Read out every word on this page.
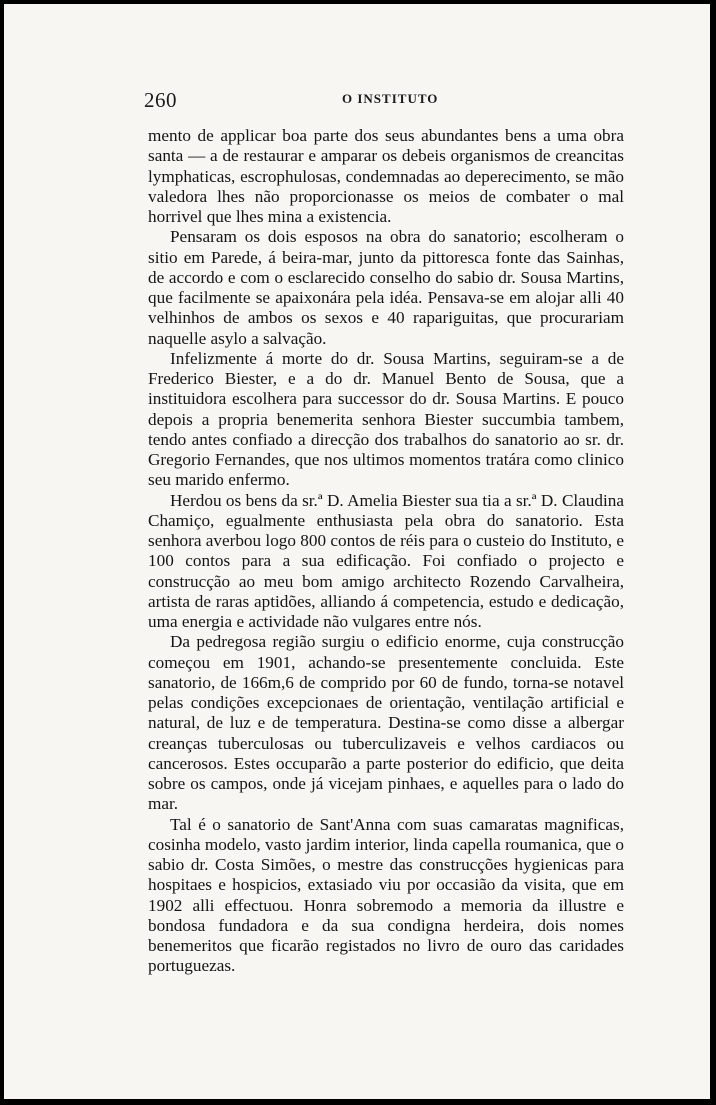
260	O INSTITUTO

mento de applicar boa parte dos seus abundantes bens a uma obra santa — a de restaurar e amparar os debeis organismos de creancitas lymphaticas, escrophulosas, condemnadas ao deperecimento, se mão valedora lhes não proporcionasse os meios de combater o mal horrivel que lhes mina a existencia.

Pensaram os dois esposos na obra do sanatorio; escolheram o sitio em Parede, á beira-mar, junto da pittoresca fonte das Sainhas, de accordo e com o esclarecido conselho do sabio dr. Sousa Martins, que facilmente se apaixonára pela idéa. Pensava-se em alojar alli 40 velhinhos de ambos os sexos e 40 rapariguitas, que procurariam naquelle asylo a salvação.

Infelizmente á morte do dr. Sousa Martins, seguiram-se a de Frederico Biester, e a do dr. Manuel Bento de Sousa, que a instituidora escolhera para successor do dr. Sousa Martins. E pouco depois a propria benemerita senhora Biester succumbia tambem, tendo antes confiado a direcção dos trabalhos do sanatorio ao sr. dr. Gregorio Fernandes, que nos ultimos momentos tratára como clinico seu marido enfermo.

Herdou os bens da sr.ª D. Amelia Biester sua tia a sr.ª D. Claudina Chamiço, egualmente enthusiasta pela obra do sanatorio. Esta senhora averbou logo 800 contos de réis para o custeio do Instituto, e 100 contos para a sua edificação. Foi confiado o projecto e construcção ao meu bom amigo architecto Rozendo Carvalheira, artista de raras aptidões, alliando á competencia, estudo e dedicação, uma energia e actividade não vulgares entre nós.

Da pedregosa região surgiu o edificio enorme, cuja construcção começou em 1901, achando-se presentemente concluida. Este sanatorio, de 166m,6 de comprido por 60 de fundo, torna-se notavel pelas condições excepcionaes de orientação, ventilação artificial e natural, de luz e de temperatura. Destina-se como disse a albergar creanças tuberculosas ou tuberculizaveis e velhos cardiacos ou cancerosos. Estes occuparão a parte posterior do edificio, que deita sobre os campos, onde já vicejam pinhaes, e aquelles para o lado do mar.

Tal é o sanatorio de Sant'Anna com suas camaratas magnificas, cosinha modelo, vasto jardim interior, linda capella roumanica, que o sabio dr. Costa Simões, o mestre das construcções hygienicas para hospitaes e hospicios, extasiado viu por occasião da visita, que em 1902 alli effectuou. Honra sobremodo a memoria da illustre e bondosa fundadora e da sua condigna herdeira, dois nomes benemeritos que ficarão registados no livro de ouro das caridades portuguezas.
